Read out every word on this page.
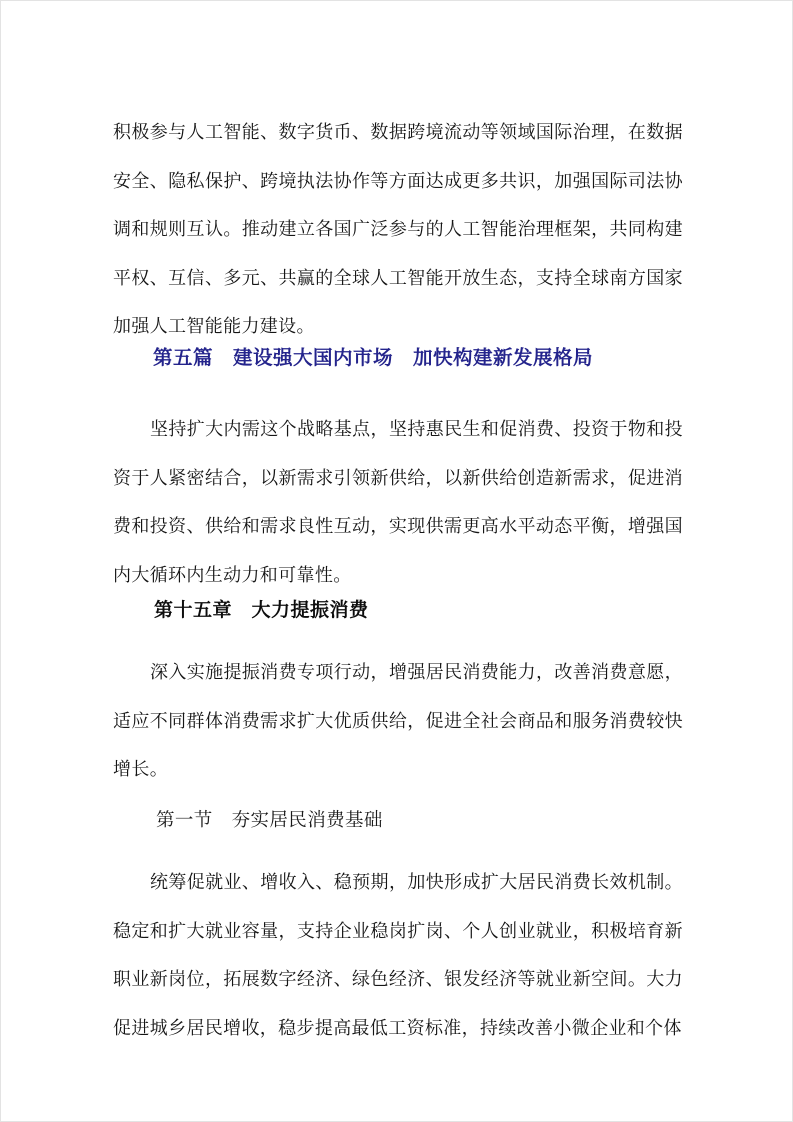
积极参与人工智能、数字货币、数据跨境流动等领域国际治理，在数据安全、隐私保护、跨境执法协作等方面达成更多共识，加强国际司法协调和规则互认。推动建立各国广泛参与的人工智能治理框架，共同构建平权、互信、多元、共赢的全球人工智能开放生态，支持全球南方国家加强人工智能能力建设。

第五篇　建设强大国内市场　加快构建新发展格局

坚持扩大内需这个战略基点，坚持惠民生和促消费、投资于物和投资于人紧密结合，以新需求引领新供给，以新供给创造新需求，促进消费和投资、供给和需求良性互动，实现供需更高水平动态平衡，增强国内大循环内生动力和可靠性。

第十五章　大力提振消费

深入实施提振消费专项行动，增强居民消费能力，改善消费意愿，适应不同群体消费需求扩大优质供给，促进全社会商品和服务消费较快增长。

第一节　夯实居民消费基础

统筹促就业、增收入、稳预期，加快形成扩大居民消费长效机制。稳定和扩大就业容量，支持企业稳岗扩岗、个人创业就业，积极培育新职业新岗位，拓展数字经济、绿色经济、银发经济等就业新空间。大力促进城乡居民增收，稳步提高最低工资标准，持续改善小微企业和个体
